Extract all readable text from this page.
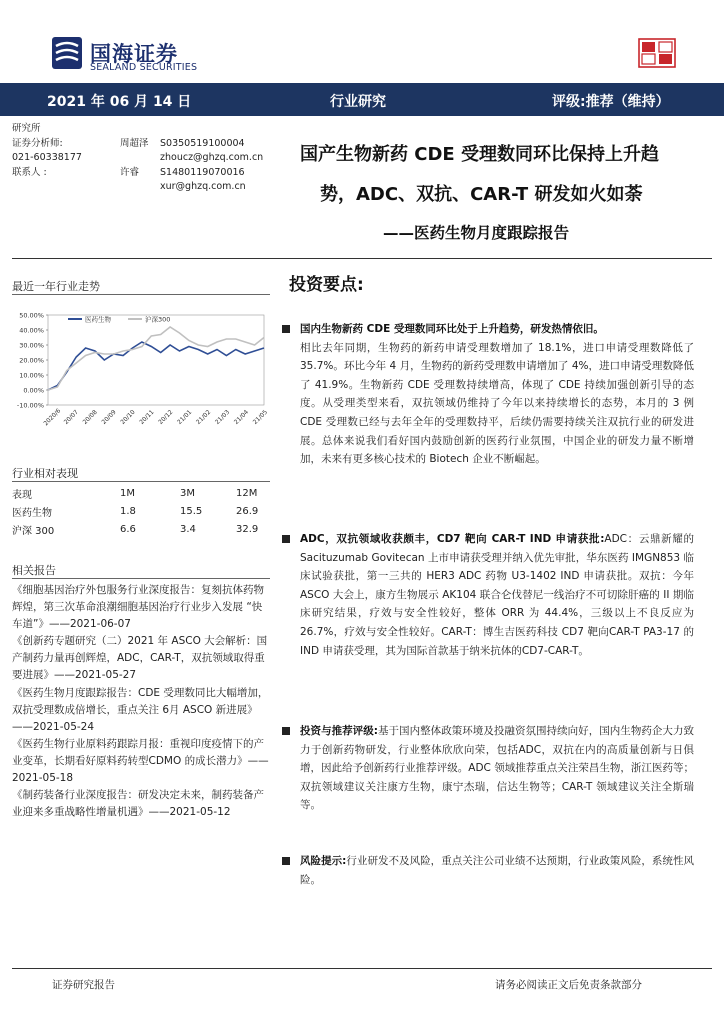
国海证券
SEALAND SECURITIES
2021 年 06 月 14 日	行业研究	评级:推荐（维持）
研究所
证券分析师:	周超泽 S0350519100004
021-60338177	zhoucz@ghzq.com.cn
联系人 :	许睿 S1480119070016
xur@ghzq.com.cn
国产生物新药 CDE 受理数同环比保持上升趋
势，ADC、双抗、CAR-T 研发如火如荼
——医药生物月度跟踪报告
最近一年行业走势
50.00%
40.00%
30.00%
20.00%
10.00%
0.00%
-10.00%
2020/6 20/07 20/08 20/09 20/10 20/11 20/12 21/01 21/02 21/03 21/04 21/05
医药生物	沪深300
行业相对表现
表现	1M	3M	12M
医药生物	1.8	15.5	26.9
沪深 300	6.6	3.4	32.9
相关报告

《细胞基因治疗外包服务行业深度报告：复刻抗体药物辉煌，第三次革命浪潮细胞基因治疗行业步入发展 “快车道”》——2021-06-07

《创新药专题研究（二）2021 年 ASCO 大会解析：国产制药力量再创辉煌，ADC，CAR-T，双抗领域取得重要进展》——2021-05-27

《医药生物月度跟踪报告：CDE 受理数同比大幅增加，双抗受理数成倍增长，重点关注 6月 ASCO 新进展》——2021-05-24

《医药生物行业原料药跟踪月报：重视印度疫情下的产业变革，长期看好原料药转型CDMO 的成长潜力》——2021-05-18

《制药装备行业深度报告：研发决定未来，制药装备产业迎来多重战略性增量机遇》——2021-05-12

投资要点:

国内生物新药 CDE 受理数同环比处于上升趋势，研发热情依旧。
相比去年同期，生物药的新药申请受理数增加了 18.1%，进口申请受理数降低了 35.7%。环比今年 4 月，生物药的新药受理数申请增加了 4%，进口申请受理数降低了 41.9%。生物新药 CDE 受理数持续增高，体现了 CDE 持续加强创新引导的态度。从受理类型来看，双抗领域仍维持了今年以来持续增长的态势，本月的 3 例 CDE 受理数已经与去年全年的受理数持平，后续仍需要持续关注双抗行业的研发进展。总体来说我们看好国内鼓励创新的医药行业氛围，中国企业的研发力量不断增加，未来有更多核心技术的 Biotech 企业不断崛起。

ADC，双抗领域收获颇丰，CD7 靶向 CAR-T IND 申请获批:ADC：云鼎新耀的 Sacituzumab Govitecan 上市申请获受理并纳入优先审批，华东医药 IMGN853 临床试验获批，第一三共的 HER3 ADC 药物 U3-1402 IND 申请获批。双抗：今年 ASCO 大会上，康方生物展示 AK104 联合仑伐替尼一线治疗不可切除肝癌的 II 期临床研究结果，疗效与安全性较好，整体 ORR 为 44.4%，三级以上不良反应为 26.7%，疗效与安全性较好。CAR-T：博生吉医药科技 CD7 靶向CAR-T PA3-17 的 IND 申请获受理，其为国际首款基于纳米抗体的CD7-CAR-T。

投资与推荐评级:基于国内整体政策环境及投融资氛围持续向好，国内生物药企大力致力于创新药物研发，行业整体欣欣向荣，包括ADC，双抗在内的高质量创新与日俱增，因此给予创新药行业推荐评级。ADC 领域推荐重点关注荣昌生物，浙江医药等；双抗领域建议关注康方生物，康宁杰瑞，信达生物等；CAR-T 领域建议关注全斯瑞等。

风险提示:行业研发不及风险，重点关注公司业绩不达预期，行业政策风险，系统性风险。

证券研究报告	请务必阅读正文后免责条款部分
